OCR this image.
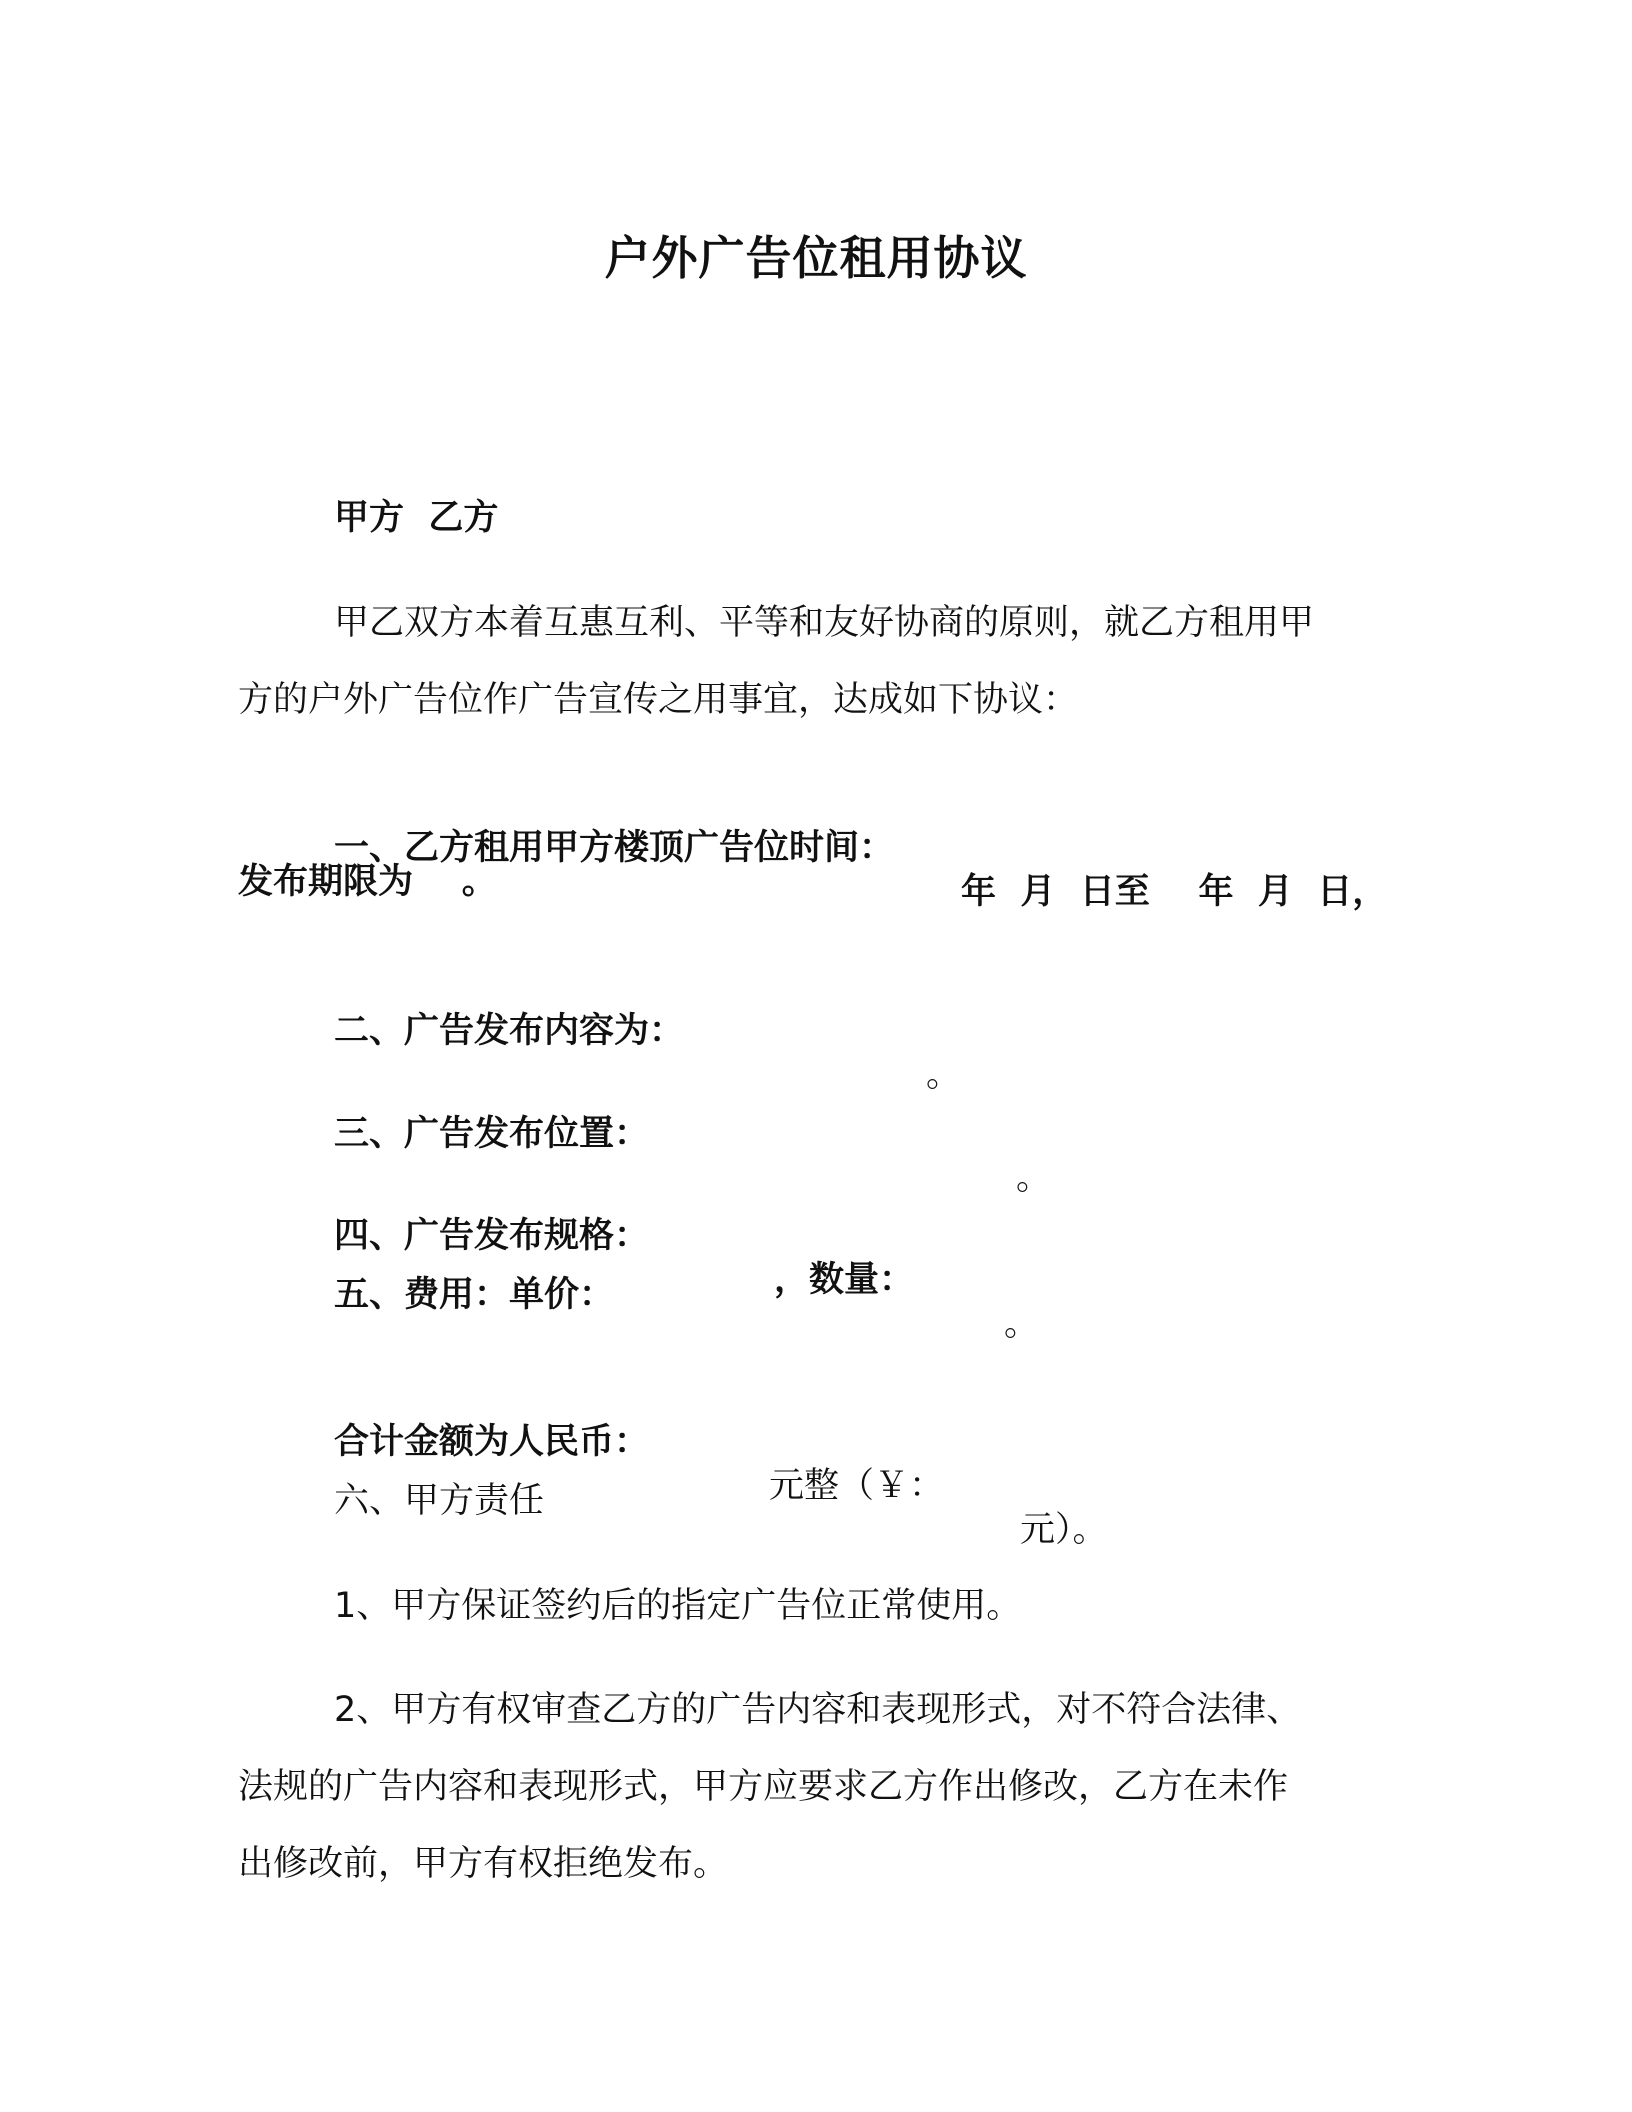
户外广告位租用协议

甲方  乙方

甲乙双方本着互惠互利、平等和友好协商的原则，就乙方租用甲

方的户外广告位作广告宣传之用事宜，达成如下协议：

一、乙方租用甲方楼顶广告位时间：

年  月  日至    年  月  日，

发布期限为    。

二、广告发布内容为：

。

三、广告发布位置：

。

四、广告发布规格：

，数量：

。

五、费用：单价：

合计金额为人民币：

元整（￥：

元）。

六、甲方责任

1、甲方保证签约后的指定广告位正常使用。

2、甲方有权审查乙方的广告内容和表现形式，对不符合法律、

法规的广告内容和表现形式，甲方应要求乙方作出修改，乙方在未作

出修改前，甲方有权拒绝发布。
